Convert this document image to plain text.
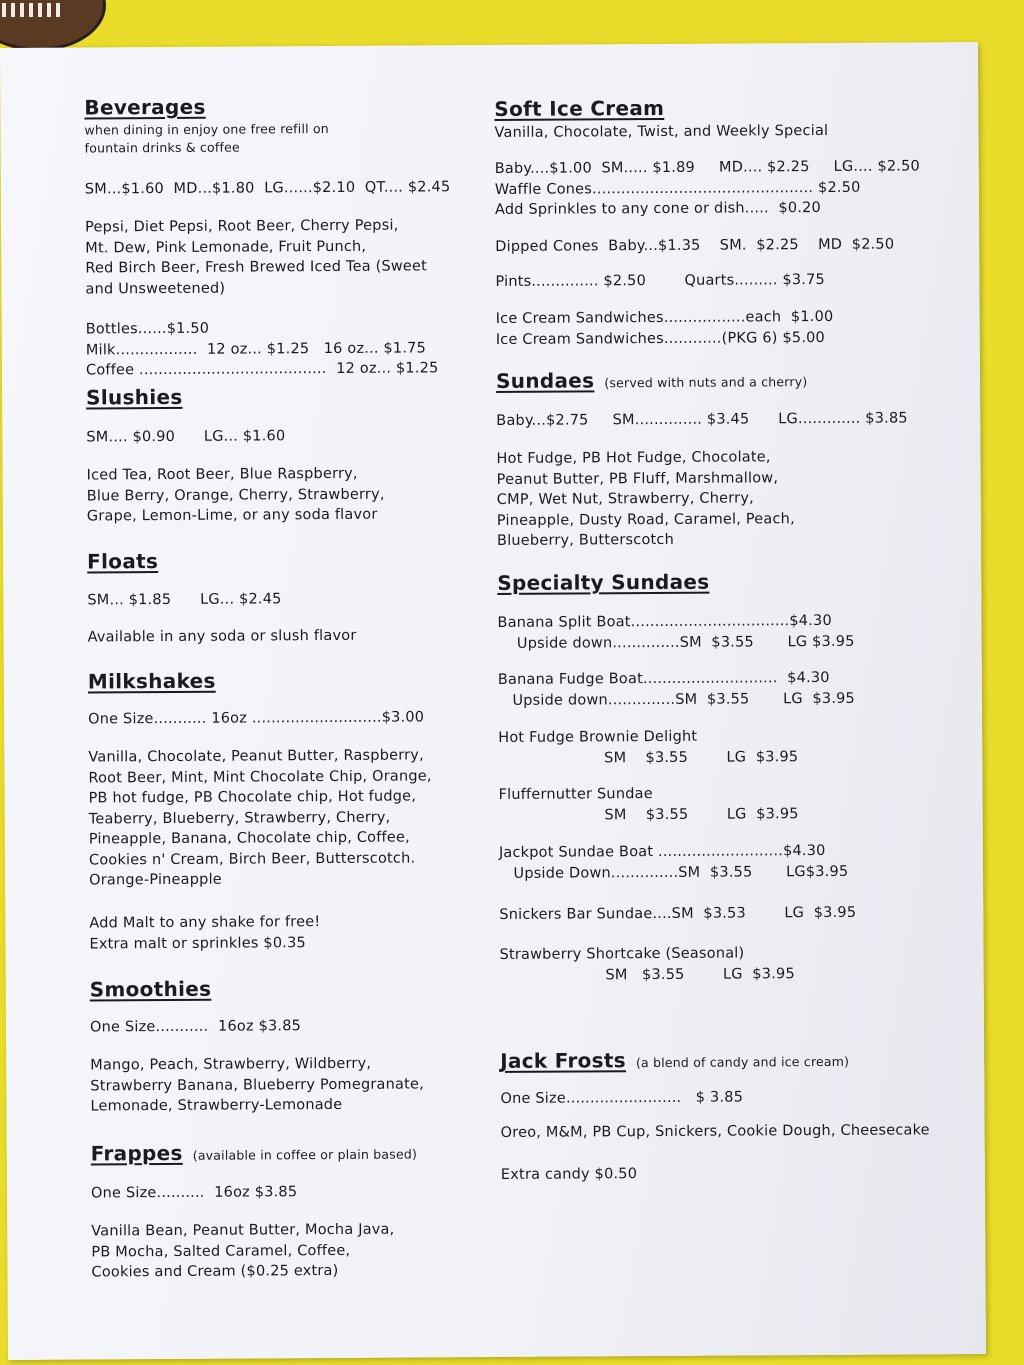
Beverages
when dining in enjoy one free refill on
fountain drinks & coffee
SM...$1.60  MD...$1.80  LG......$2.10  QT.... $2.45
Pepsi, Diet Pepsi, Root Beer, Cherry Pepsi,
Mt. Dew, Pink Lemonade, Fruit Punch,
Red Birch Beer, Fresh Brewed Iced Tea (Sweet
and Unsweetened)
Bottles......$1.50
Milk.................  12 oz... $1.25   16 oz... $1.75
Coffee .......................................  12 oz... $1.25
Slushies
SM.... $0.90      LG... $1.60
Iced Tea, Root Beer, Blue Raspberry,
Blue Berry, Orange, Cherry, Strawberry,
Grape, Lemon-Lime, or any soda flavor
Floats
SM... $1.85      LG... $2.45
Available in any soda or slush flavor
Milkshakes
One Size........... 16oz ...........................$3.00
Vanilla, Chocolate, Peanut Butter, Raspberry,
Root Beer, Mint, Mint Chocolate Chip, Orange,
PB hot fudge, PB Chocolate chip, Hot fudge,
Teaberry, Blueberry, Strawberry, Cherry,
Pineapple, Banana, Chocolate chip, Coffee,
Cookies n' Cream, Birch Beer, Butterscotch.
Orange-Pineapple
Add Malt to any shake for free!
Extra malt or sprinkles $0.35
Smoothies
One Size...........  16oz $3.85
Mango, Peach, Strawberry, Wildberry,
Strawberry Banana, Blueberry Pomegranate,
Lemonade, Strawberry-Lemonade
Frappes (available in coffee or plain based)
One Size..........  16oz $3.85
Vanilla Bean, Peanut Butter, Mocha Java,
PB Mocha, Salted Caramel, Coffee,
Cookies and Cream ($0.25 extra)
Soft Ice Cream
Vanilla, Chocolate, Twist, and Weekly Special
Baby....$1.00  SM..... $1.89     MD.... $2.25     LG.... $2.50
Waffle Cones.............................................. $2.50
Add Sprinkles to any cone or dish.....  $0.20
Dipped Cones  Baby...$1.35    SM.  $2.25    MD  $2.50
Pints.............. $2.50        Quarts......... $3.75
Ice Cream Sandwiches.................each  $1.00
Ice Cream Sandwiches............(PKG 6) $5.00
Sundaes (served with nuts and a cherry)
Baby...$2.75     SM.............. $3.45      LG............. $3.85
Hot Fudge, PB Hot Fudge, Chocolate,
Peanut Butter, PB Fluff, Marshmallow,
CMP, Wet Nut, Strawberry, Cherry,
Pineapple, Dusty Road, Caramel, Peach,
Blueberry, Butterscotch
Specialty Sundaes
Banana Split Boat.................................$4.30
Upside down..............SM  $3.55       LG $3.95
Banana Fudge Boat............................  $4.30
Upside down..............SM  $3.55       LG  $3.95
Hot Fudge Brownie Delight
SM    $3.55        LG  $3.95
Fluffernutter Sundae
SM    $3.55        LG  $3.95
Jackpot Sundae Boat ..........................$4.30
Upside Down..............SM  $3.55       LG$3.95
Snickers Bar Sundae....SM  $3.53        LG  $3.95
Strawberry Shortcake (Seasonal)
SM   $3.55        LG  $3.95
Jack Frosts (a blend of candy and ice cream)
One Size........................   $ 3.85
Oreo, M&M, PB Cup, Snickers, Cookie Dough, Cheesecake
Extra candy $0.50
